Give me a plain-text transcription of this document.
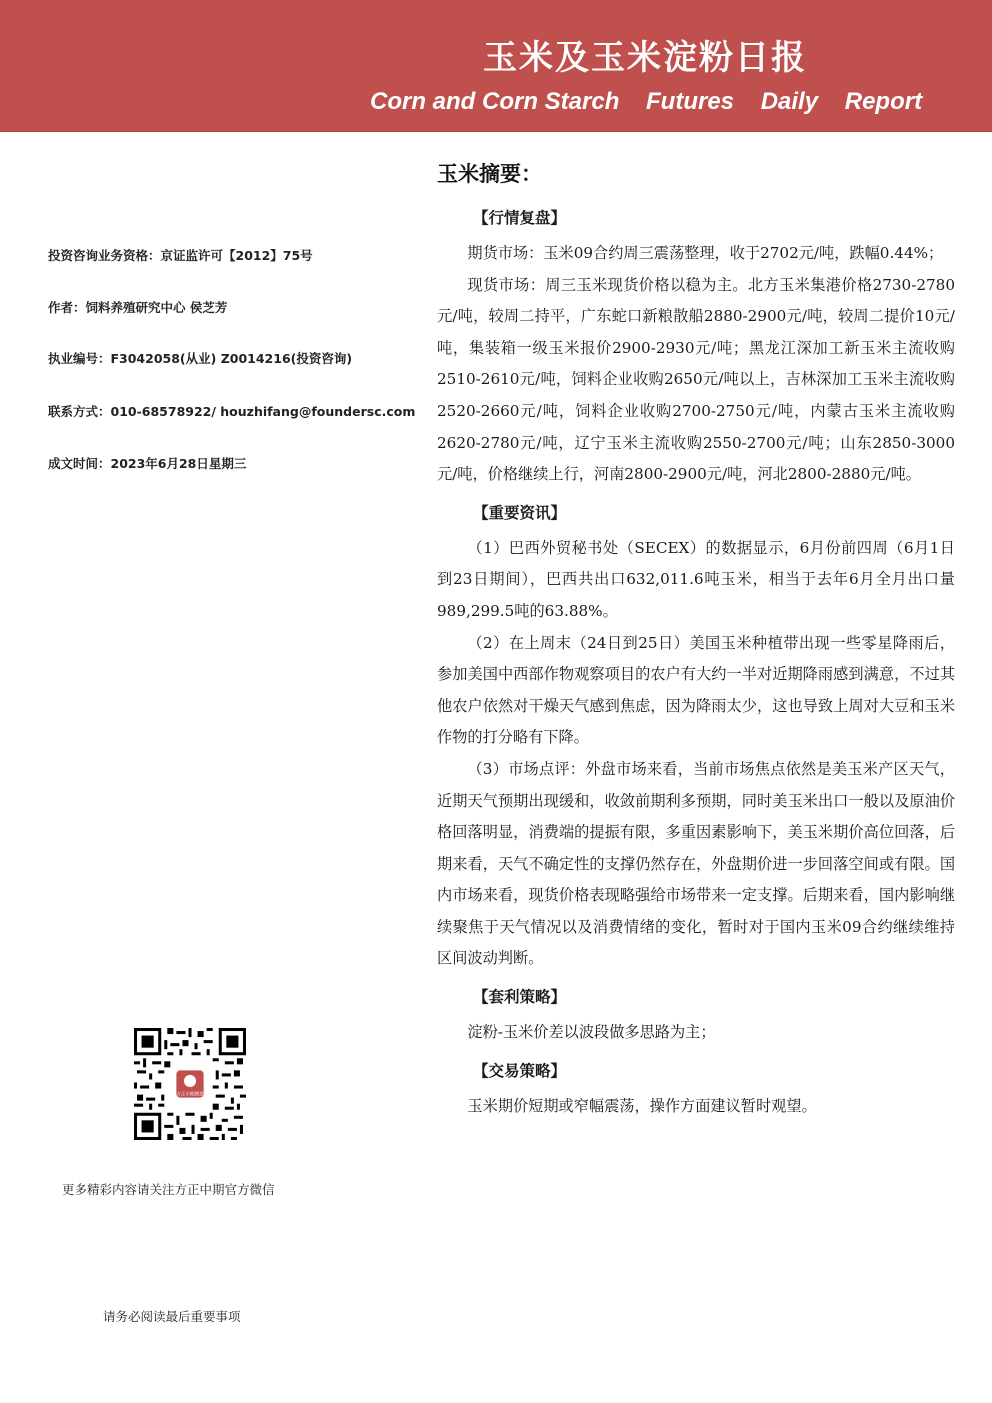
玉米及玉米淀粉日报
Corn and Corn Starch    Futures    Daily    Report
投资咨询业务资格：京证监许可【2012】75号
作者：饲料养殖研究中心 侯芝芳
执业编号：F3042058(从业) Z0014216(投资咨询)
联系方式：010-68578922/ houzhifang@foundersc.com
成文时间：2023年6月28日星期三
方正中期期货
更多精彩内容请关注方正中期官方微信
请务必阅读最后重要事项
玉米摘要：
【行情复盘】

期货市场：玉米09合约周三震荡整理，收于2702元/吨，跌幅0.44%；

现货市场：周三玉米现货价格以稳为主。北方玉米集港价格2730-2780元/吨，较周二持平，广东蛇口新粮散船2880-2900元/吨，较周二提价10元/吨，集装箱一级玉米报价2900-2930元/吨；黑龙江深加工新玉米主流收购2510-2610元/吨，饲料企业收购2650元/吨以上，吉林深加工玉米主流收购2520-2660元/吨，饲料企业收购2700-2750元/吨，内蒙古玉米主流收购2620-2780元/吨，辽宁玉米主流收购2550-2700元/吨；山东2850-3000元/吨，价格继续上行，河南2800-2900元/吨，河北2800-2880元/吨。

【重要资讯】

（1）巴西外贸秘书处（SECEX）的数据显示，6月份前四周（6月1日到23日期间），巴西共出口632,011.6吨玉米，相当于去年6月全月出口量989,299.5吨的63.88%。

（2）在上周末（24日到25日）美国玉米种植带出现一些零星降雨后，参加美国中西部作物观察项目的农户有大约一半对近期降雨感到满意，不过其他农户依然对干燥天气感到焦虑，因为降雨太少，这也导致上周对大豆和玉米作物的打分略有下降。

（3）市场点评：外盘市场来看，当前市场焦点依然是美玉米产区天气，近期天气预期出现缓和，收敛前期利多预期，同时美玉米出口一般以及原油价格回落明显，消费端的提振有限，多重因素影响下，美玉米期价高位回落，后期来看，天气不确定性的支撑仍然存在，外盘期价进一步回落空间或有限。国内市场来看，现货价格表现略强给市场带来一定支撑。后期来看，国内影响继续聚焦于天气情况以及消费情绪的变化，暂时对于国内玉米09合约继续维持区间波动判断。

【套利策略】

淀粉-玉米价差以波段做多思路为主；

【交易策略】

玉米期价短期或窄幅震荡，操作方面建议暂时观望。
